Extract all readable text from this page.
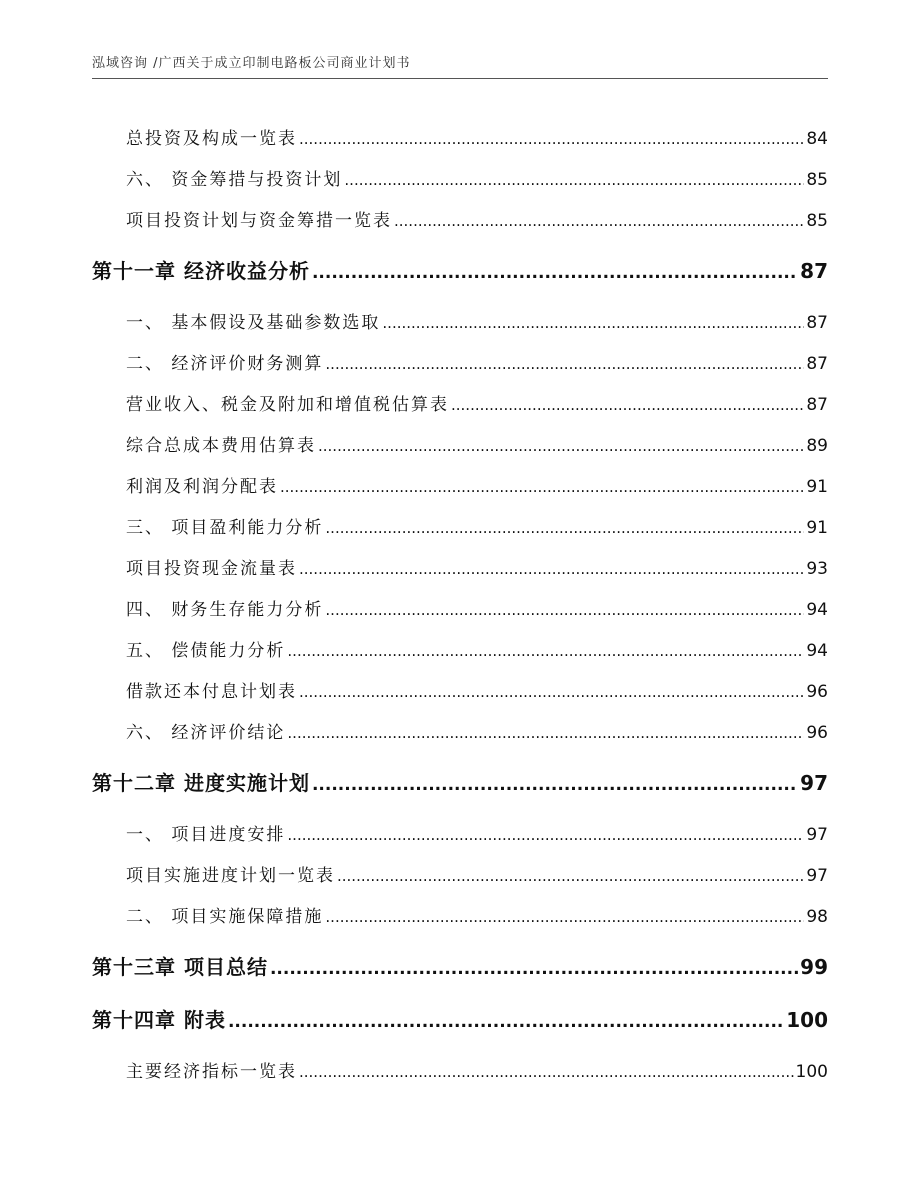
泓域咨询 /广西关于成立印制电路板公司商业计划书
总投资及构成一览表 .....	84
六、 资金筹措与投资计划 .....	85
项目投资计划与资金筹措一览表 .....	85
第十一章 经济收益分析 .....	87
一、 基本假设及基础参数选取 .....	87
二、 经济评价财务测算 .....	87
营业收入、税金及附加和增值税估算表 .....	87
综合总成本费用估算表 .....	89
利润及利润分配表 .....	91
三、 项目盈利能力分析 .....	91
项目投资现金流量表 .....	93
四、 财务生存能力分析 .....	94
五、 偿债能力分析 .....	94
借款还本付息计划表 .....	96
六、 经济评价结论 .....	96
第十二章 进度实施计划 .....	97
一、 项目进度安排 .....	97
项目实施进度计划一览表 .....	97
二、 项目实施保障措施 .....	98
第十三章 项目总结 .....	99
第十四章 附表 .....	100
主要经济指标一览表 .....	100
